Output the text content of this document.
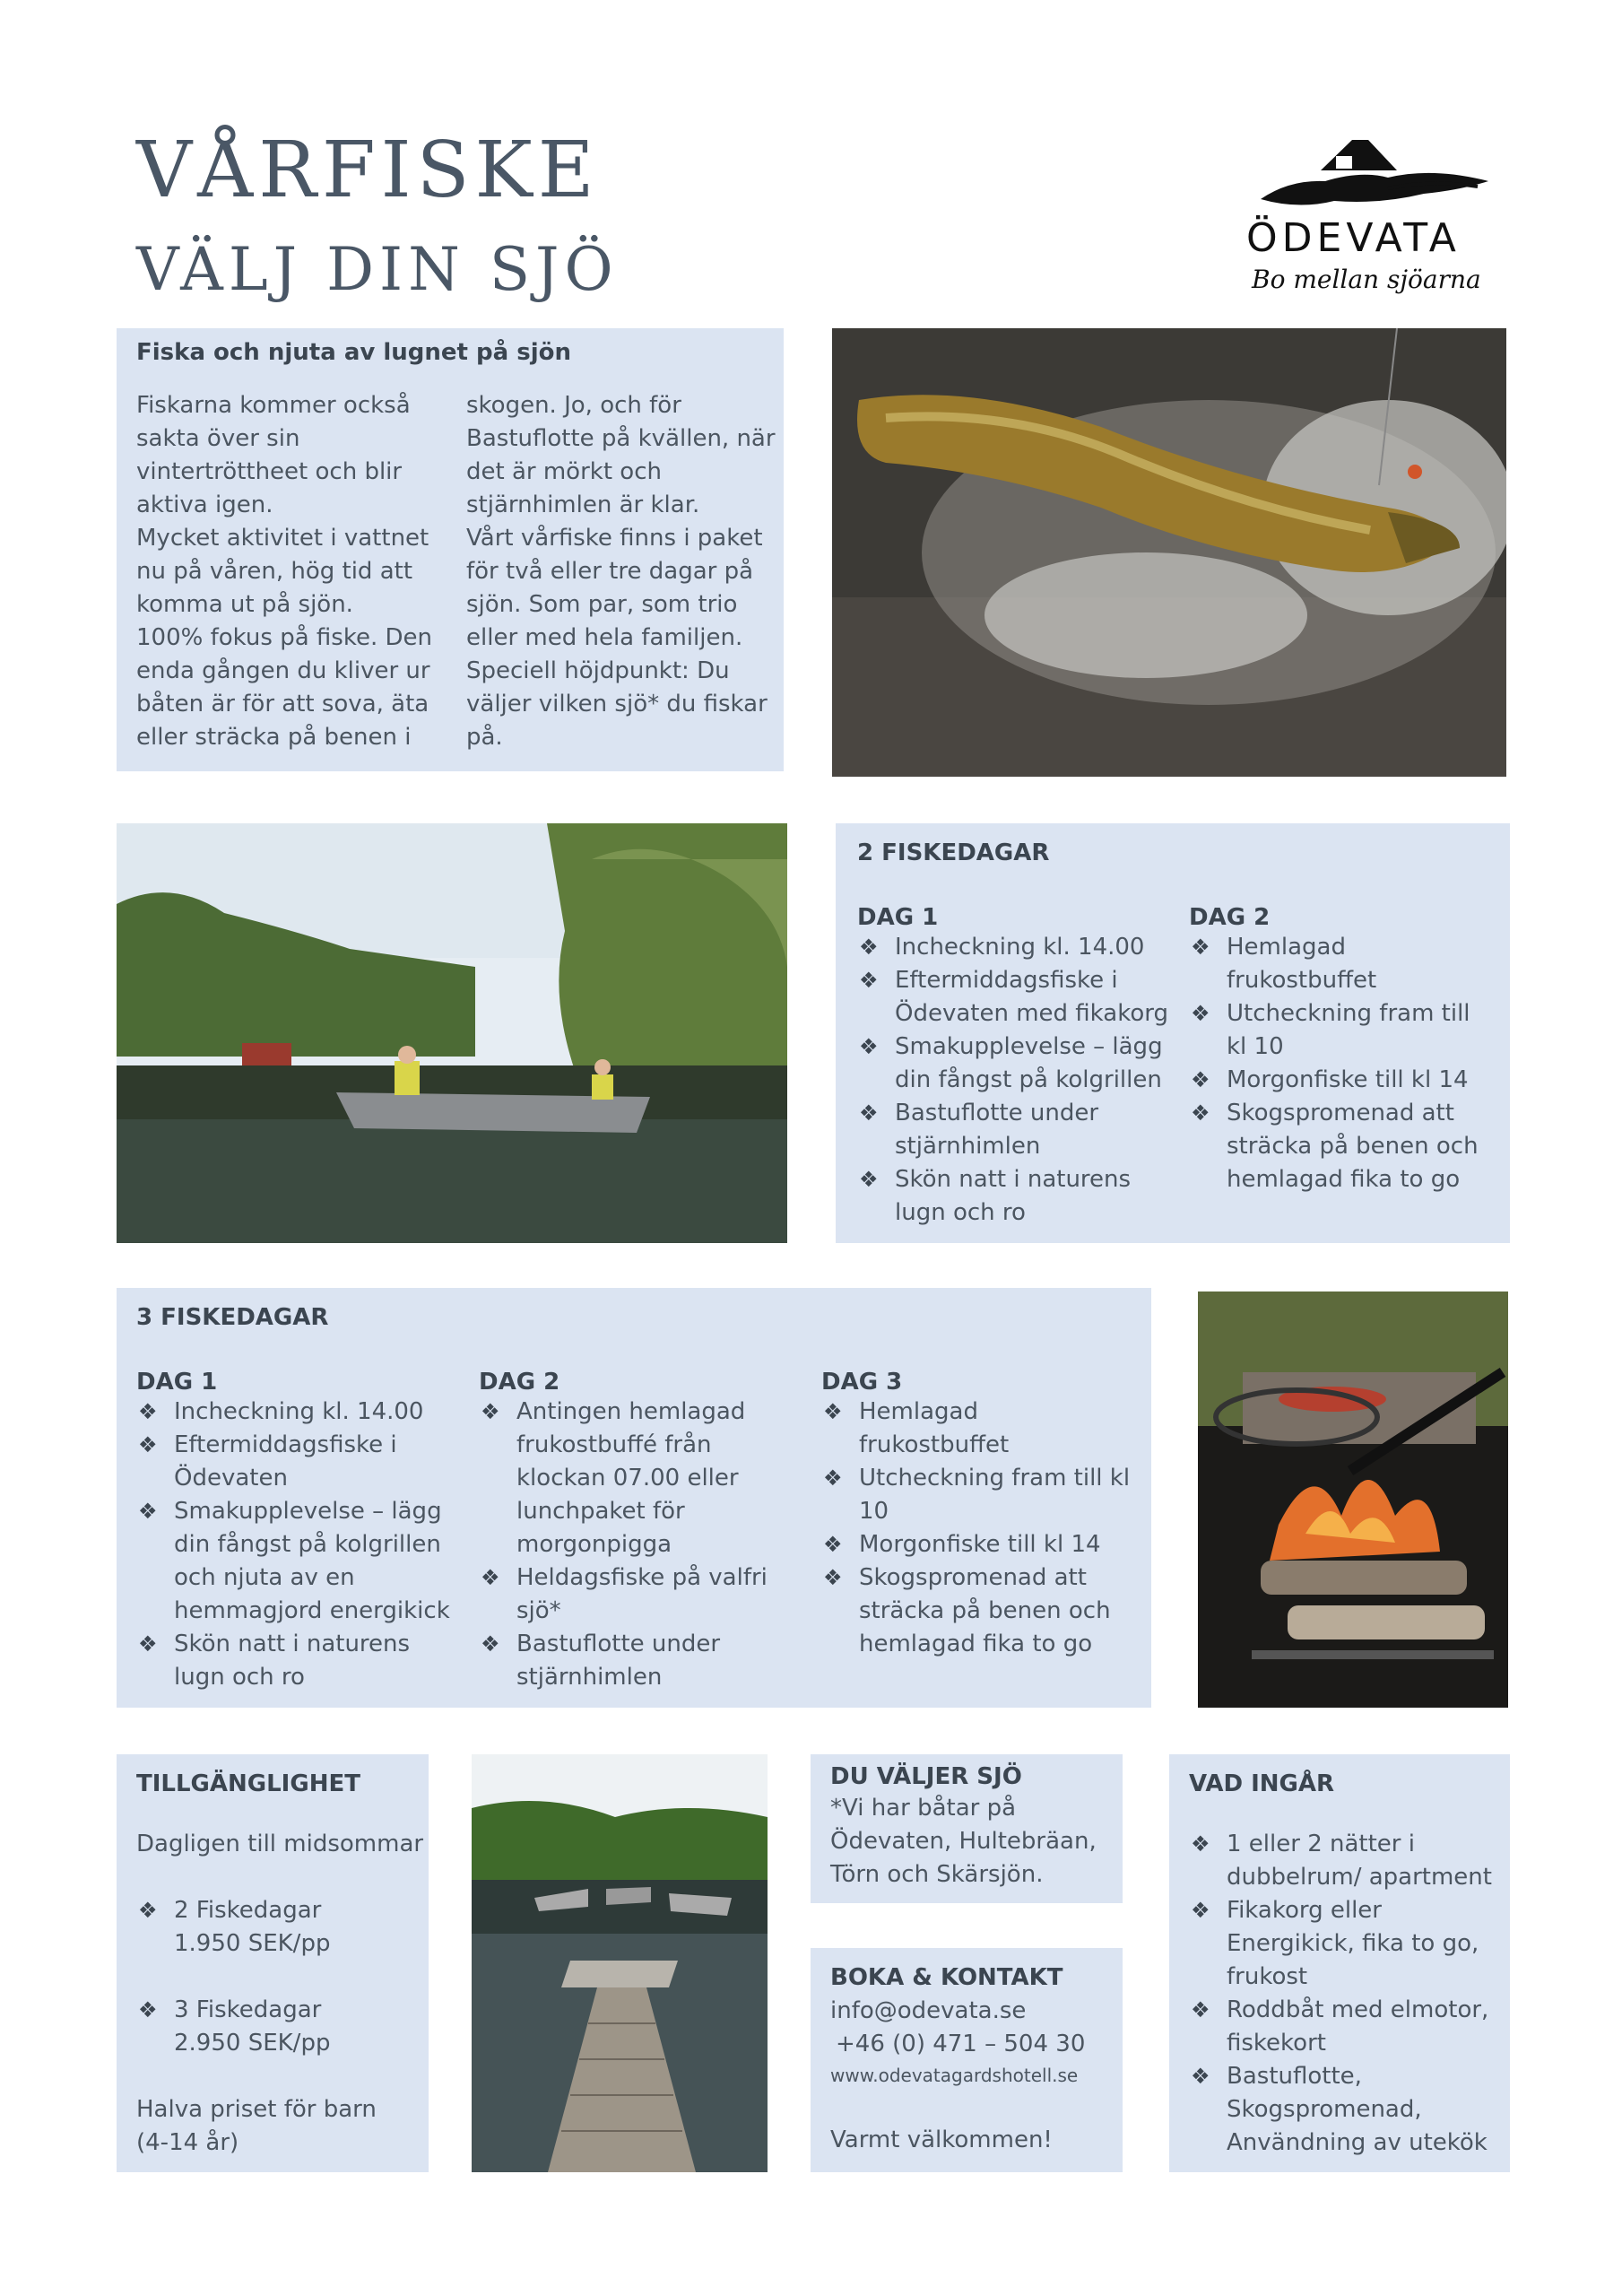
VÅRFISKE
VÄLJ DIN SJÖ	ÖDEVATA
Bo mellan sjöarna
Fiska och njuta av lugnet på sjön
Fiskarna kommer också
sakta över sin
vintertröttheet och blir
aktiva igen.
Mycket aktivitet i vattnet
nu på våren, hög tid att
komma ut på sjön.
100% fokus på fiske. Den
enda gången du kliver ur
båten är för att sova, äta
eller sträcka på benen i
skogen. Jo, och för
Bastuflotte på kvällen, när
det är mörkt och
stjärnhimlen är klar.
Vårt vårfiske finns i paket
för två eller tre dagar på
sjön. Som par, som trio
eller med hela familjen.
Speciell höjdpunkt: Du
väljer vilken sjö* du fiskar
på.
2 FISKEDAGAR
DAG 1
❖ Incheckning kl. 14.00
❖ Eftermiddagsfiske i Ödevaten med fikakorg
❖ Smakupplevelse – lägg din fångst på kolgrillen
❖ Bastuflotte under stjärnhimlen
❖ Skön natt i naturens lugn och ro
DAG 2
❖ Hemlagad frukostbuffet
❖ Utcheckning fram till kl 10
❖ Morgonfiske till kl 14
❖ Skogspromenad att sträcka på benen och hemlagad fika to go
3 FISKEDAGAR
DAG 1
❖ Incheckning kl. 14.00
❖ Eftermiddagsfiske i Ödevaten
❖ Smakupplevelse – lägg din fångst på kolgrillen och njuta av en hemmagjord energikick
❖ Skön natt i naturens lugn och ro
DAG 2
❖ Antingen hemlagad frukostbuffé från klockan 07.00 eller lunchpaket för morgonpigga
❖ Heldagsfiske på valfri sjö*
❖ Bastuflotte under stjärnhimlen
DAG 3
❖ Hemlagad frukostbuffet
❖ Utcheckning fram till kl 10
❖ Morgonfiske till kl 14
❖ Skogspromenad att sträcka på benen och hemlagad fika to go
TILLGÄNGLIGHET
Dagligen till midsommar
❖ 2 Fiskedagar
1.950 SEK/pp
❖ 3 Fiskedagar
2.950 SEK/pp
Halva priset för barn
(4-14 år)
DU VÄLJER SJÖ
*Vi har båtar på
Ödevaten, Hultebräan,
Törn och Skärsjön.
BOKA & KONTAKT
info@odevata.se
+46 (0) 471 – 504 30
www.odevatagardshotell.se
Varmt välkommen!
VAD INGÅR
❖ 1 eller 2 nätter i dubbelrum/ apartment
❖ Fikakorg eller Energikick, fika to go, frukost
❖ Roddbåt med elmotor, fiskekort
❖ Bastuflotte, Skogspromenad, Användning av utekök
